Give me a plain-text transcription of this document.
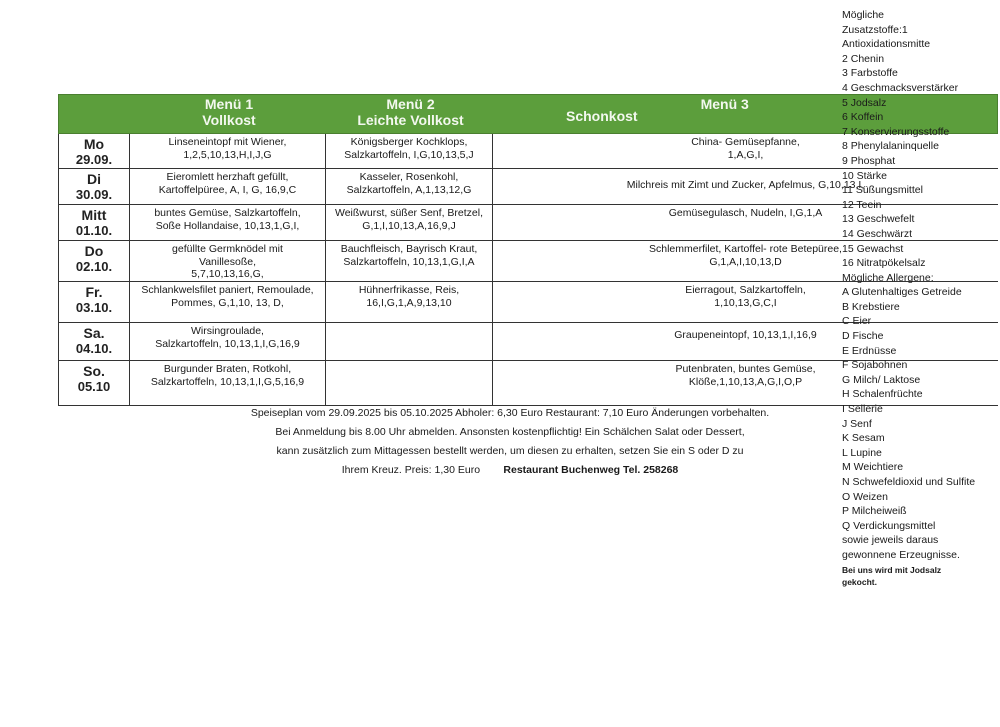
Menü 1
Vollkost
Menü 2
Leichte Vollkost	Schonkost
Menü 3
Mo
29.09.
Linseneintopf mit Wiener,
1,2,5,10,13,H,I,J,G
Königsberger Kochklops,
Salzkartoffeln, I,G,10,13,5,J
China- Gemüsepfanne,
1,A,G,I,
Di
30.09.
Eieromlett herzhaft gefüllt,
Kartoffelpüree, A, I, G, 16,9,C
Kasseler, Rosenkohl,
Salzkartoffeln, A,1,13,12,G	Milchreis mit Zimt und Zucker, Apfelmus, G,10,13,I,
Mitt
01.10.
buntes Gemüse, Salzkartoffeln,
Soße Hollandaise, 10,13,1,G,I,
Weißwurst, süßer Senf, Bretzel,
G,1,I,10,13,A,16,9,J
Gemüsegulasch, Nudeln, I,G,1,A
Do
02.10.
gefüllte Germknödel mit
Vanillesoße,
5,7,10,13,16,G,
Bauchfleisch, Bayrisch Kraut,
Salzkartoffeln, 10,13,1,G,I,A
Schlemmerfilet, Kartoffel- rote Betepüree,
G,1,A,I,10,13,D
Fr.
03.10.
Schlankwelsfilet paniert, Remoulade,
Pommes, G,1,10, 13, D,
Hühnerfrikasse, Reis,
16,I,G,1,A,9,13,10
Eierragout, Salzkartoffeln,
1,10,13,G,C,I
Sa.
04.10.
Wirsingroulade,
Salzkartoffeln, 10,13,1,I,G,16,9
Graupeneintopf, 10,13,1,I,16,9
So.
05.10
Burgunder Braten, Rotkohl,
Salzkartoffeln, 10,13,1,I,G,5,16,9
Putenbraten, buntes Gemüse,
Klöße,1,10,13,A,G,I,O,P
Speiseplan vom 29.09.2025 bis 05.10.2025 Abholer: 6,30 Euro Restaurant: 7,10 Euro Änderungen vorbehalten.
Bei Anmeldung bis 8.00 Uhr abmelden. Ansonsten kostenpflichtig! Ein Schälchen Salat oder Dessert,
kann zusätzlich zum Mittagessen bestellt werden, um diesen zu erhalten, setzen Sie ein S oder D zu
Ihrem Kreuz. Preis: 1,30 Euro Restaurant Buchenweg Tel. 258268
Mögliche
Zusatzstoffe:1
Antioxidationsmitte
2 Chenin
3 Farbstoffe
4 Geschmacksverstärker
5 Jodsalz
6 Koffein
7 Konservierungsstoffe
8 Phenylalaninquelle
9 Phosphat
10 Stärke
11 Süßungsmittel
12 Teein
13 Geschwefelt
14 Geschwärzt
15 Gewachst
16 Nitratpökelsalz
Mögliche Allergene:
A Glutenhaltiges Getreide
B Krebstiere
C Eier
D Fische
E Erdnüsse
F Sojabohnen
G Milch/ Laktose
H Schalenfrüchte
I Sellerie
J Senf
K Sesam
L Lupine
M Weichtiere
N Schwefeldioxid und Sulfite
O Weizen
P Milcheiweiß
Q Verdickungsmittel
sowie jeweils daraus
gewonnene Erzeugnisse.
Bei uns wird mit Jodsalz
gekocht.
